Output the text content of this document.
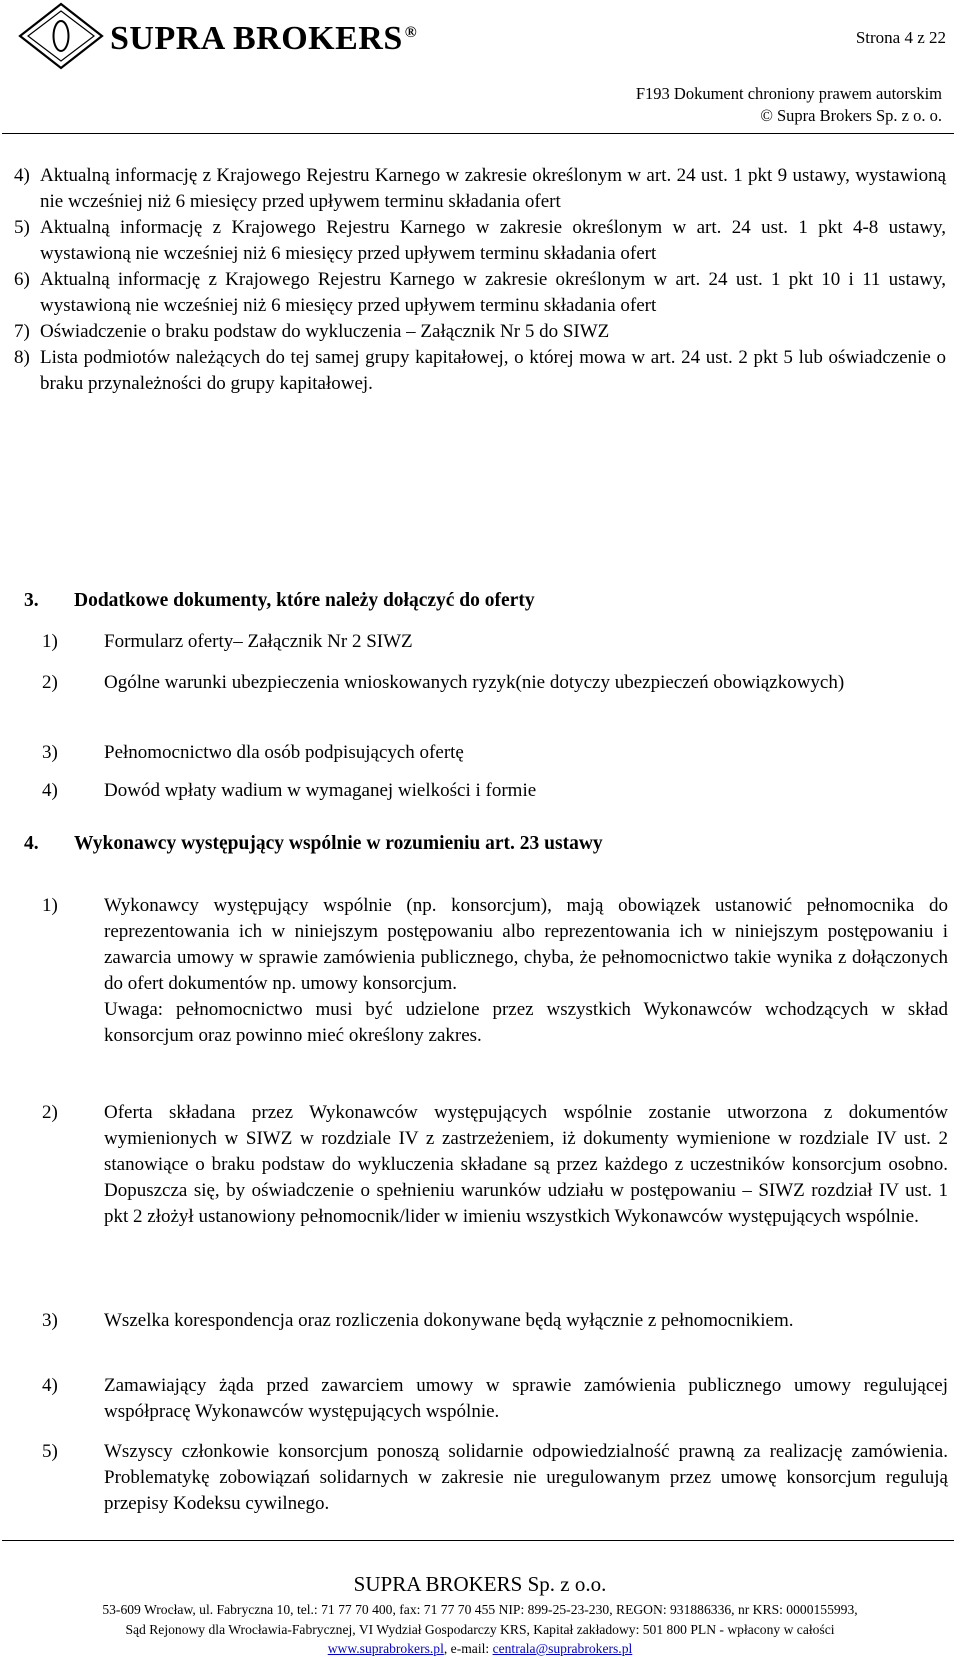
SUPRA BROKERS ®	Strona 4 z 22
F193 Dokument chroniony prawem autorskim
© Supra Brokers Sp. z o. o.
4) Aktualną informację z Krajowego Rejestru Karnego w zakresie określonym w art. 24 ust. 1 pkt 9 ustawy, wystawioną nie wcześniej niż 6 miesięcy przed upływem terminu składania ofert
5) Aktualną informację z Krajowego Rejestru Karnego w zakresie określonym w art. 24 ust. 1 pkt 4-8 ustawy, wystawioną nie wcześniej niż 6 miesięcy przed upływem terminu składania ofert
6) Aktualną informację z Krajowego Rejestru Karnego w zakresie określonym w art. 24 ust. 1 pkt 10 i 11 ustawy, wystawioną nie wcześniej niż 6 miesięcy przed upływem terminu składania ofert
7) Oświadczenie o braku podstaw do wykluczenia – Załącznik Nr 5 do SIWZ
8) Lista podmiotów należących do tej samej grupy kapitałowej, o której mowa w art. 24 ust. 2 pkt 5 lub oświadczenie o braku przynależności do grupy kapitałowej.
3. Dodatkowe dokumenty, które należy dołączyć do oferty
1)	Formularz oferty– Załącznik Nr 2 SIWZ
2)	Ogólne warunki ubezpieczenia wnioskowanych ryzyk(nie dotyczy ubezpieczeń obowiązkowych)
3)	Pełnomocnictwo dla osób podpisujących ofertę
4)	Dowód wpłaty wadium w wymaganej wielkości i formie
4. Wykonawcy występujący wspólnie w rozumieniu art. 23 ustawy
1)	Wykonawcy występujący wspólnie (np. konsorcjum), mają obowiązek ustanowić pełnomocnika do reprezentowania ich w niniejszym postępowaniu albo reprezentowania ich w niniejszym postępowaniu i zawarcia umowy w sprawie zamówienia publicznego, chyba, że pełnomocnictwo takie wynika z dołączonych do ofert dokumentów np. umowy konsorcjum.
Uwaga: pełnomocnictwo musi być udzielone przez wszystkich Wykonawców wchodzących w skład konsorcjum oraz powinno mieć określony zakres.
2)	Oferta składana przez Wykonawców występujących wspólnie zostanie utworzona z dokumentów wymienionych w SIWZ w rozdziale IV z zastrzeżeniem, iż dokumenty wymienione w rozdziale IV ust. 2 stanowiące o braku podstaw do wykluczenia składane są przez każdego z uczestników konsorcjum osobno. Dopuszcza się, by oświadczenie o spełnieniu warunków udziału w postępowaniu – SIWZ rozdział IV ust. 1 pkt 2 złożył ustanowiony pełnomocnik/lider w imieniu wszystkich Wykonawców występujących wspólnie.
3)	Wszelka korespondencja oraz rozliczenia dokonywane będą wyłącznie z pełnomocnikiem.
4)	Zamawiający żąda przed zawarciem umowy w sprawie zamówienia publicznego umowy regulującej współpracę Wykonawców występujących wspólnie.
5)	Wszyscy członkowie konsorcjum ponoszą solidarnie odpowiedzialność prawną za realizację zamówienia. Problematykę zobowiązań solidarnych w zakresie nie uregulowanym przez umowę konsorcjum regulują przepisy Kodeksu cywilnego.
SUPRA BROKERS Sp. z o.o.
53-609 Wrocław, ul. Fabryczna 10, tel.: 71 77 70 400, fax: 71 77 70 455 NIP: 899-25-23-230, REGON: 931886336, nr KRS: 0000155993,
Sąd Rejonowy dla Wrocławia-Fabrycznej, VI Wydział Gospodarczy KRS, Kapitał zakładowy: 501 800 PLN - wpłacony w całości
www.suprabrokers.pl, e-mail: centrala@suprabrokers.pl
